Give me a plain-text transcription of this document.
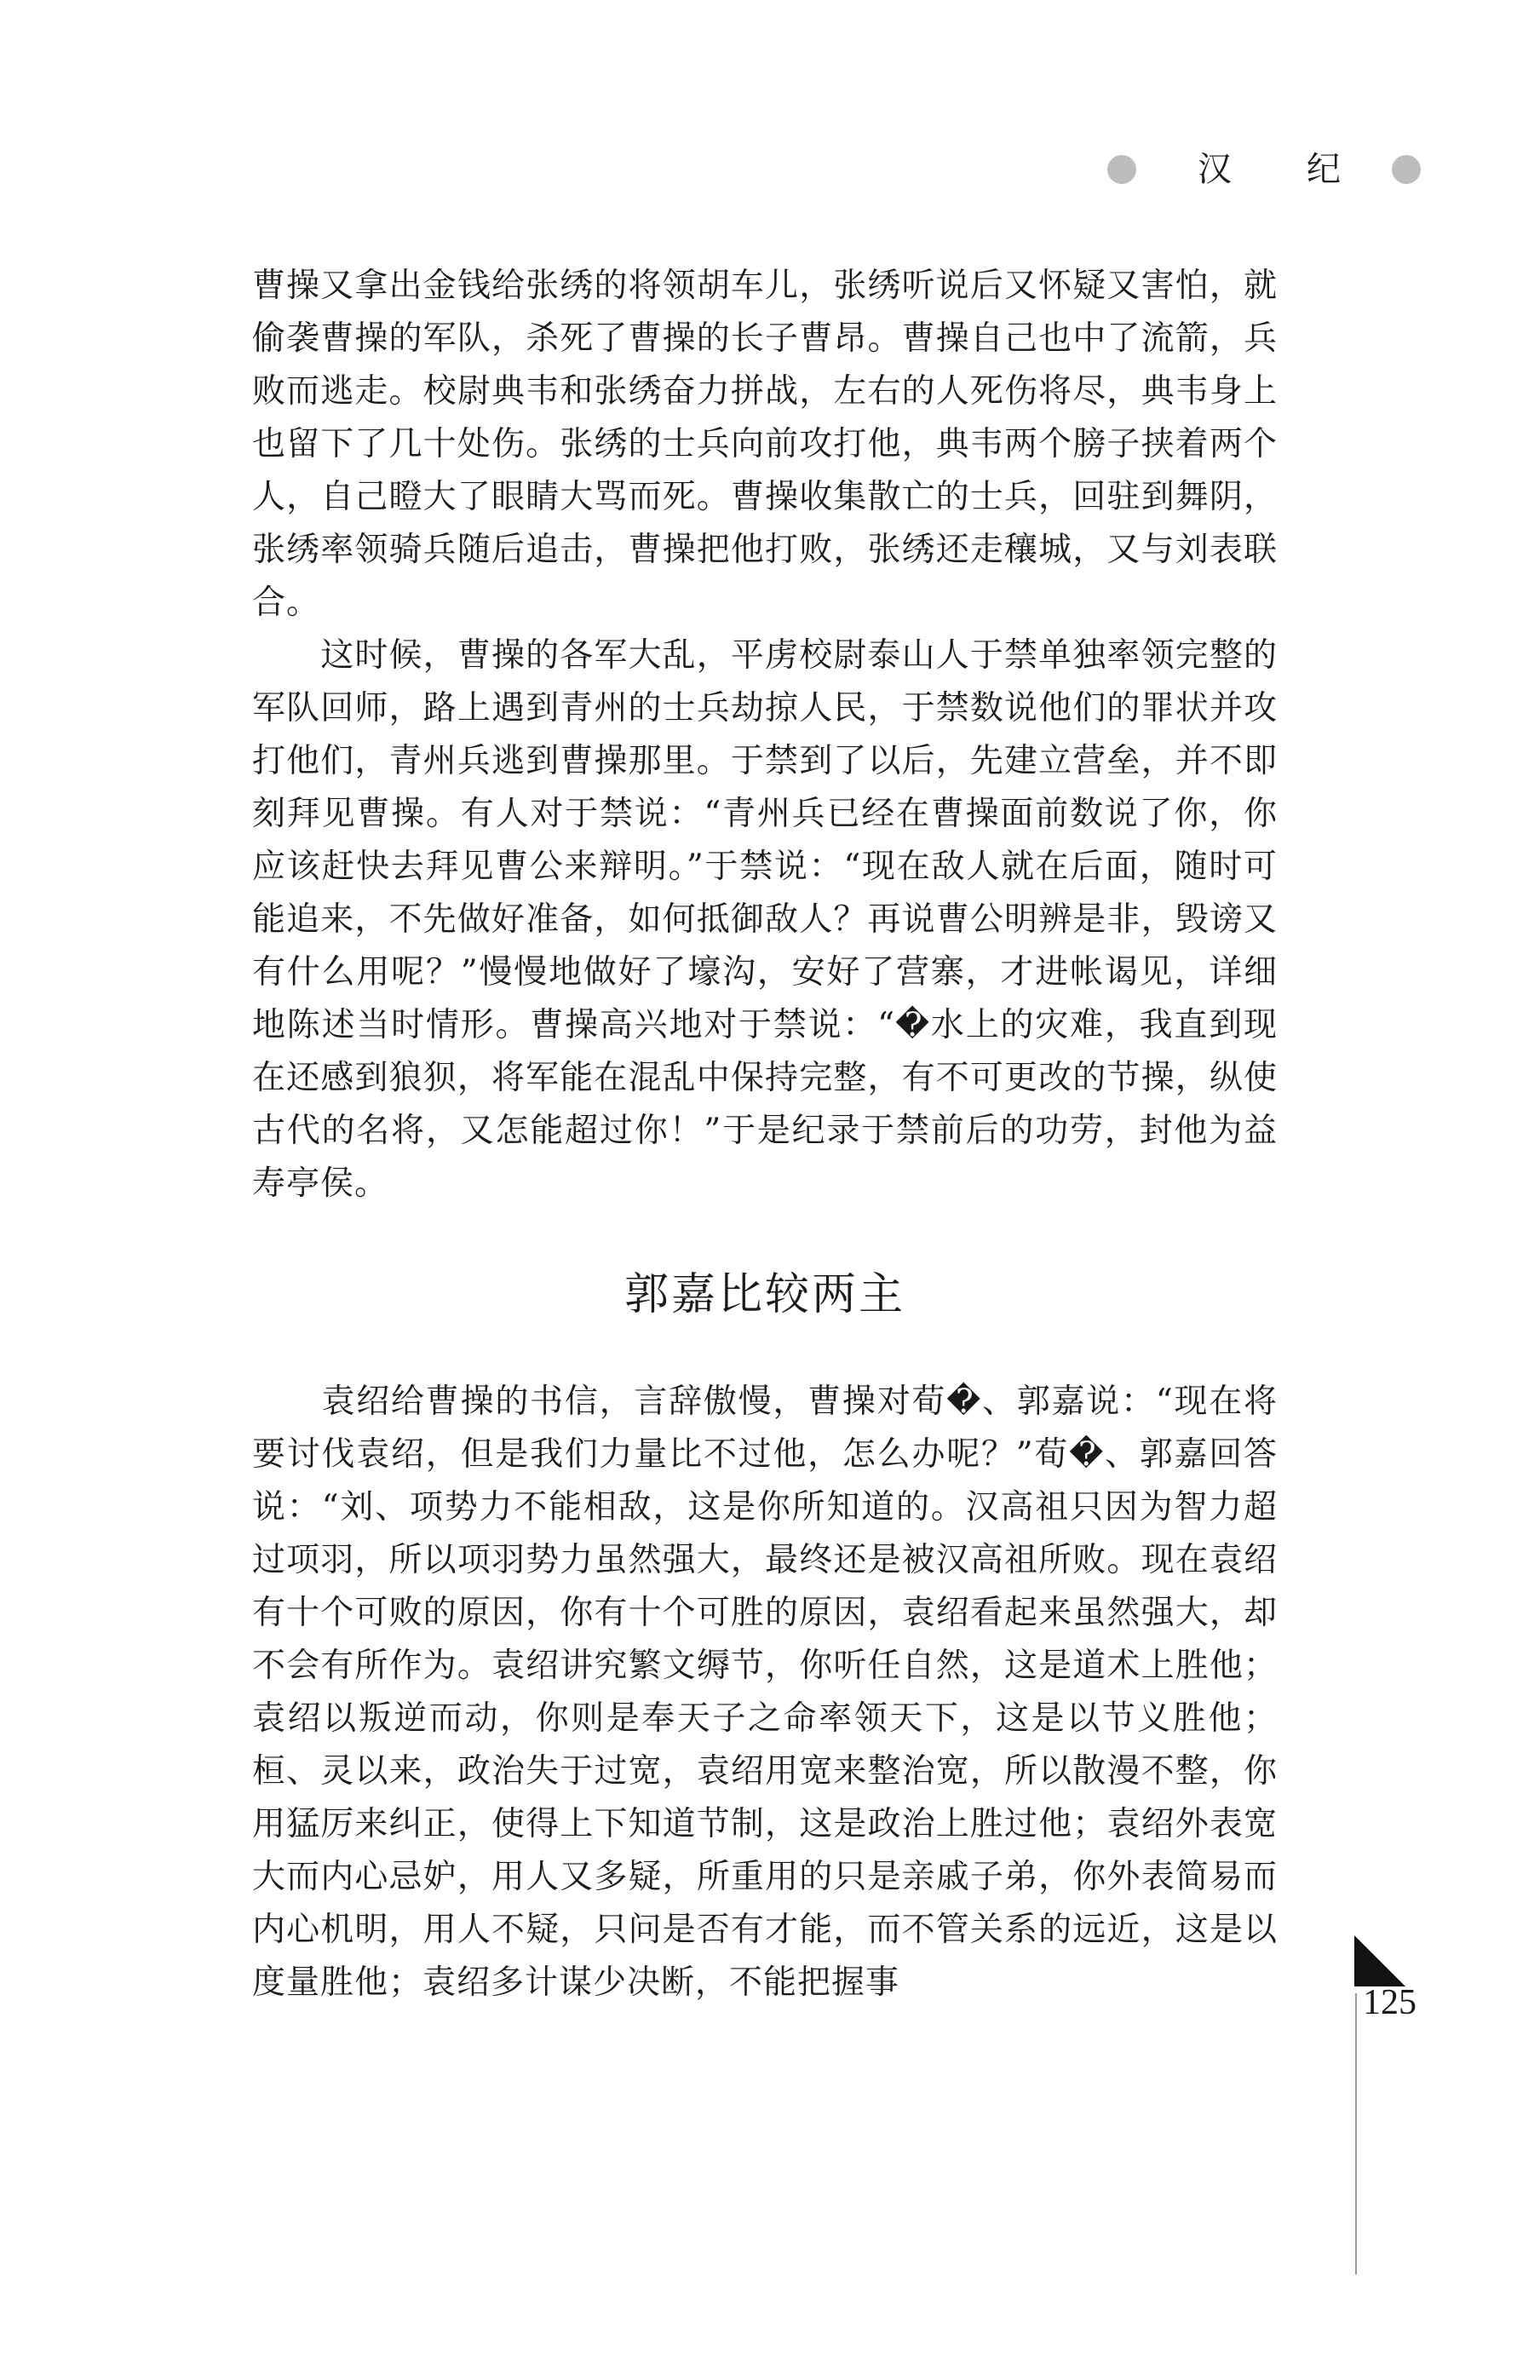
汉 纪

曹操又拿出金钱给张绣的将领胡车儿，张绣听说后又怀疑又害怕，就偷袭曹操的军队，杀死了曹操的长子曹昂。曹操自己也中了流箭，兵败而逃走。校尉典韦和张绣奋力拼战，左右的人死伤将尽，典韦身上也留下了几十处伤。张绣的士兵向前攻打他，典韦两个膀子挟着两个人，自己瞪大了眼睛大骂而死。曹操收集散亡的士兵，回驻到舞阴，张绣率领骑兵随后追击，曹操把他打败，张绣还走穰城，又与刘表联合。

　　这时候，曹操的各军大乱，平虏校尉泰山人于禁单独率领完整的军队回师，路上遇到青州的士兵劫掠人民，于禁数说他们的罪状并攻打他们，青州兵逃到曹操那里。于禁到了以后，先建立营垒，并不即刻拜见曹操。有人对于禁说：“青州兵已经在曹操面前数说了你，你应该赶快去拜见曹公来辩明。”于禁说：“现在敌人就在后面，随时可能追来，不先做好准备，如何抵御敌人？再说曹公明辨是非，毁谤又有什么用呢？”慢慢地做好了壕沟，安好了营寨，才进帐谒见，详细地陈述当时情形。曹操高兴地对于禁说：“�水上的灾难，我直到现在还感到狼狈，将军能在混乱中保持完整，有不可更改的节操，纵使古代的名将，又怎能超过你！”于是纪录于禁前后的功劳，封他为益寿亭侯。

郭嘉比较两主

　　袁绍给曹操的书信，言辞傲慢，曹操对荀�、郭嘉说：“现在将要讨伐袁绍，但是我们力量比不过他，怎么办呢？”荀�、郭嘉回答说：“刘、项势力不能相敌，这是你所知道的。汉高祖只因为智力超过项羽，所以项羽势力虽然强大，最终还是被汉高祖所败。现在袁绍有十个可败的原因，你有十个可胜的原因，袁绍看起来虽然强大，却不会有所作为。袁绍讲究繁文缛节，你听任自然，这是道术上胜他；袁绍以叛逆而动，你则是奉天子之命率领天下，这是以节义胜他；桓、灵以来，政治失于过宽，袁绍用宽来整治宽，所以散漫不整，你用猛厉来纠正，使得上下知道节制，这是政治上胜过他；袁绍外表宽大而内心忌妒，用人又多疑，所重用的只是亲戚子弟，你外表简易而内心机明，用人不疑，只问是否有才能，而不管关系的远近，这是以度量胜他；袁绍多计谋少决断，不能把握事

125
